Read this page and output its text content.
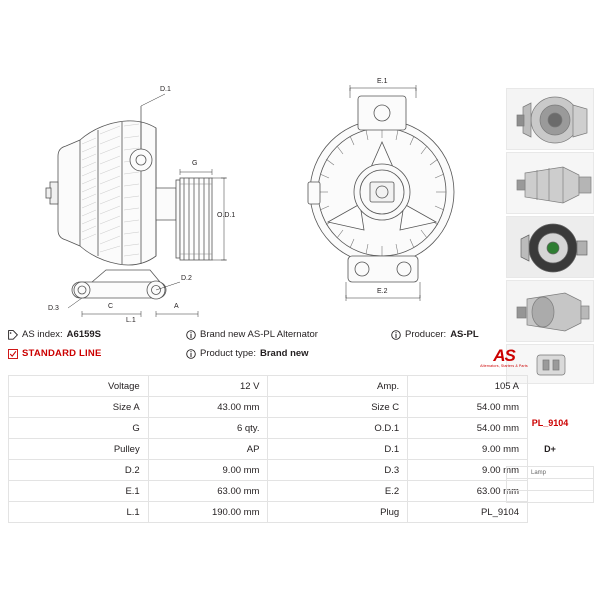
D.1
G
O.D.1
D.2
D.3	C	A
L.1
E.1
E.2
AS index: A6159S	Brand new AS-PL Alternator	Producer: AS-PL
STANDARD LINE	Product type: Brand new	AS
Alternators, Starters & Parts
Voltage	12 V	Amp.	105 A
Size A	43.00 mm	Size C	54.00 mm
G	6 qty.	O.D.1	54.00 mm
Pulley	AP	D.1	9.00 mm
D.2	9.00 mm	D.3	9.00 mm
E.1	63.00 mm	E.2	63.00 mm
L.1	190.00 mm	Plug	PL_9104
PL_9104
D+
	Lamp
